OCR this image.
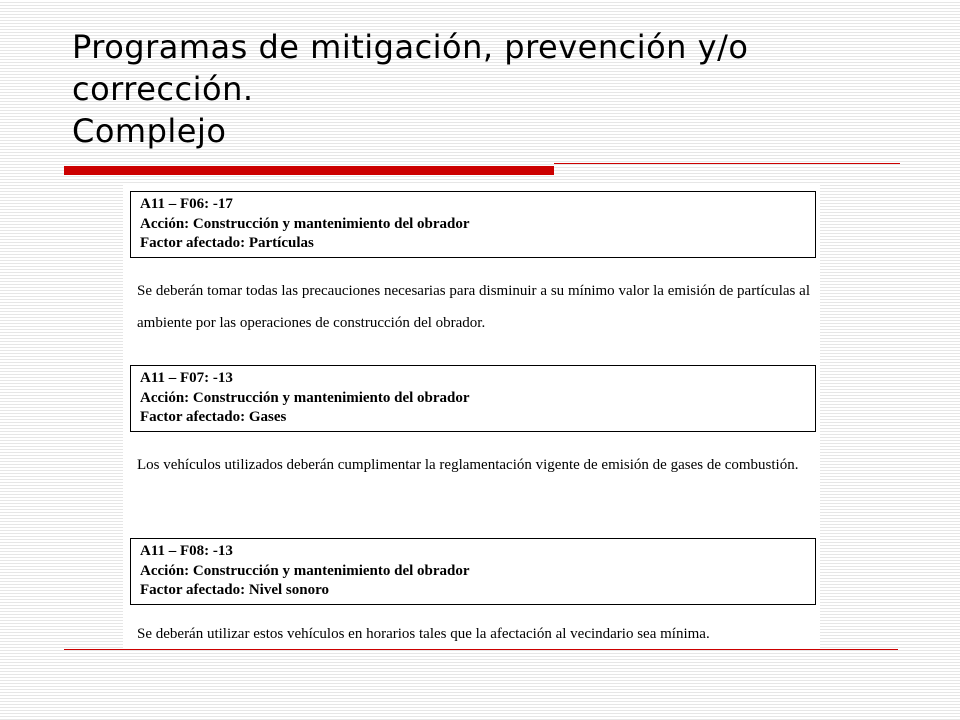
Programas de mitigación, prevención y/o
corrección.
Complejo
A11 – F06: -17
Acción: Construcción y mantenimiento del obrador
Factor afectado: Partículas
Se deberán tomar todas las precauciones necesarias para disminuir a su mínimo valor la emisión de partículas al ambiente por las operaciones de construcción del obrador.
A11 – F07: -13
Acción: Construcción y mantenimiento del obrador
Factor afectado: Gases
Los vehículos utilizados deberán cumplimentar la reglamentación vigente de emisión de gases de combustión.
A11 – F08: -13
Acción: Construcción y mantenimiento del obrador
Factor afectado: Nivel sonoro
Se deberán utilizar estos vehículos en horarios tales que la afectación al vecindario sea mínima.
